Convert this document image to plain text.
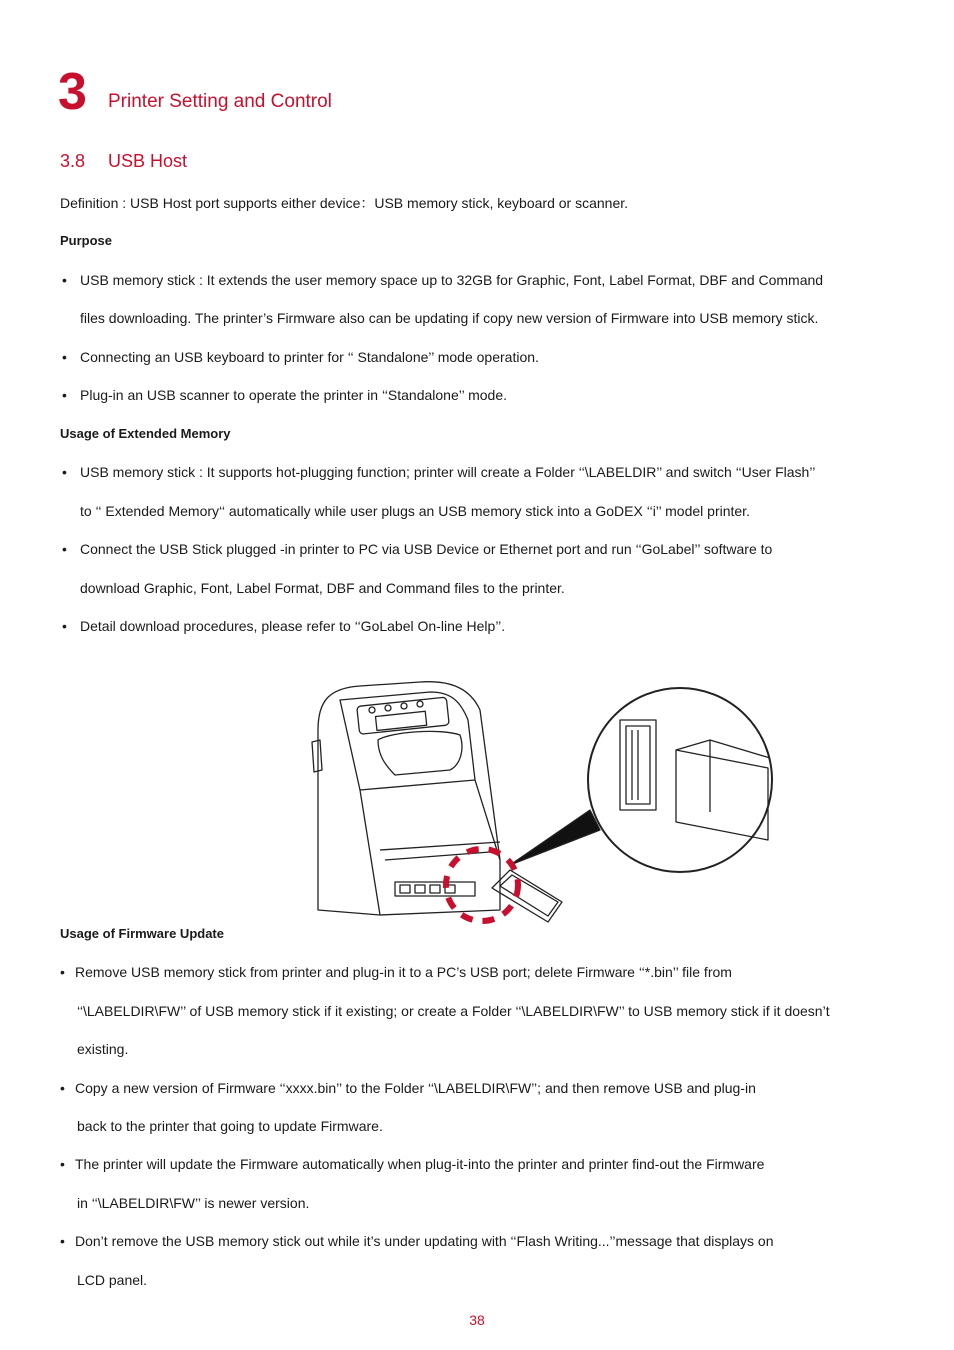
3 Printer Setting and Control
3.8 USB Host
Definition : USB Host port supports either device：USB memory stick, keyboard or scanner.
Purpose
• USB memory stick : It extends the user memory space up to 32GB for Graphic, Font, Label Format, DBF and Command
files downloading. The printer’s Firmware also can be updating if copy new version of Firmware into USB memory stick.
• Connecting an USB keyboard to printer for ‘‘ Standalone’’ mode operation.
• Plug-in an USB scanner to operate the printer in ‘‘Standalone’’ mode.
Usage of Extended Memory
• USB memory stick : It supports hot-plugging function; printer will create a Folder ‘‘\LABELDIR’’ and switch ‘‘User Flash’’
to ‘‘ Extended Memory‘‘ automatically while user plugs an USB memory stick into a GoDEX ‘‘i’’ model printer.
• Connect the USB Stick plugged -in printer to PC via USB Device or Ethernet port and run ‘‘GoLabel’’ software to
download Graphic, Font, Label Format, DBF and Command files to the printer.
• Detail download procedures, please refer to ‘‘GoLabel On-line Help’’.
Usage of Firmware Update
• Remove USB memory stick from printer and plug-in it to a PC’s USB port; delete Firmware ‘‘*.bin’’ file from
‘‘\LABELDIR\FW’’ of USB memory stick if it existing; or create a Folder ‘‘\LABELDIR\FW’’ to USB memory stick if it doesn’t
existing.
• Copy a new version of Firmware ‘‘xxxx.bin’’ to the Folder ‘‘\LABELDIR\FW’’; and then remove USB and plug-in
back to the printer that going to update Firmware.
• The printer will update the Firmware automatically when plug-it-into the printer and printer find-out the Firmware
in ‘‘\LABELDIR\FW’’ is newer version.
• Don’t remove the USB memory stick out while it’s under updating with ‘‘Flash Writing...’’message that displays on
LCD panel.
38
